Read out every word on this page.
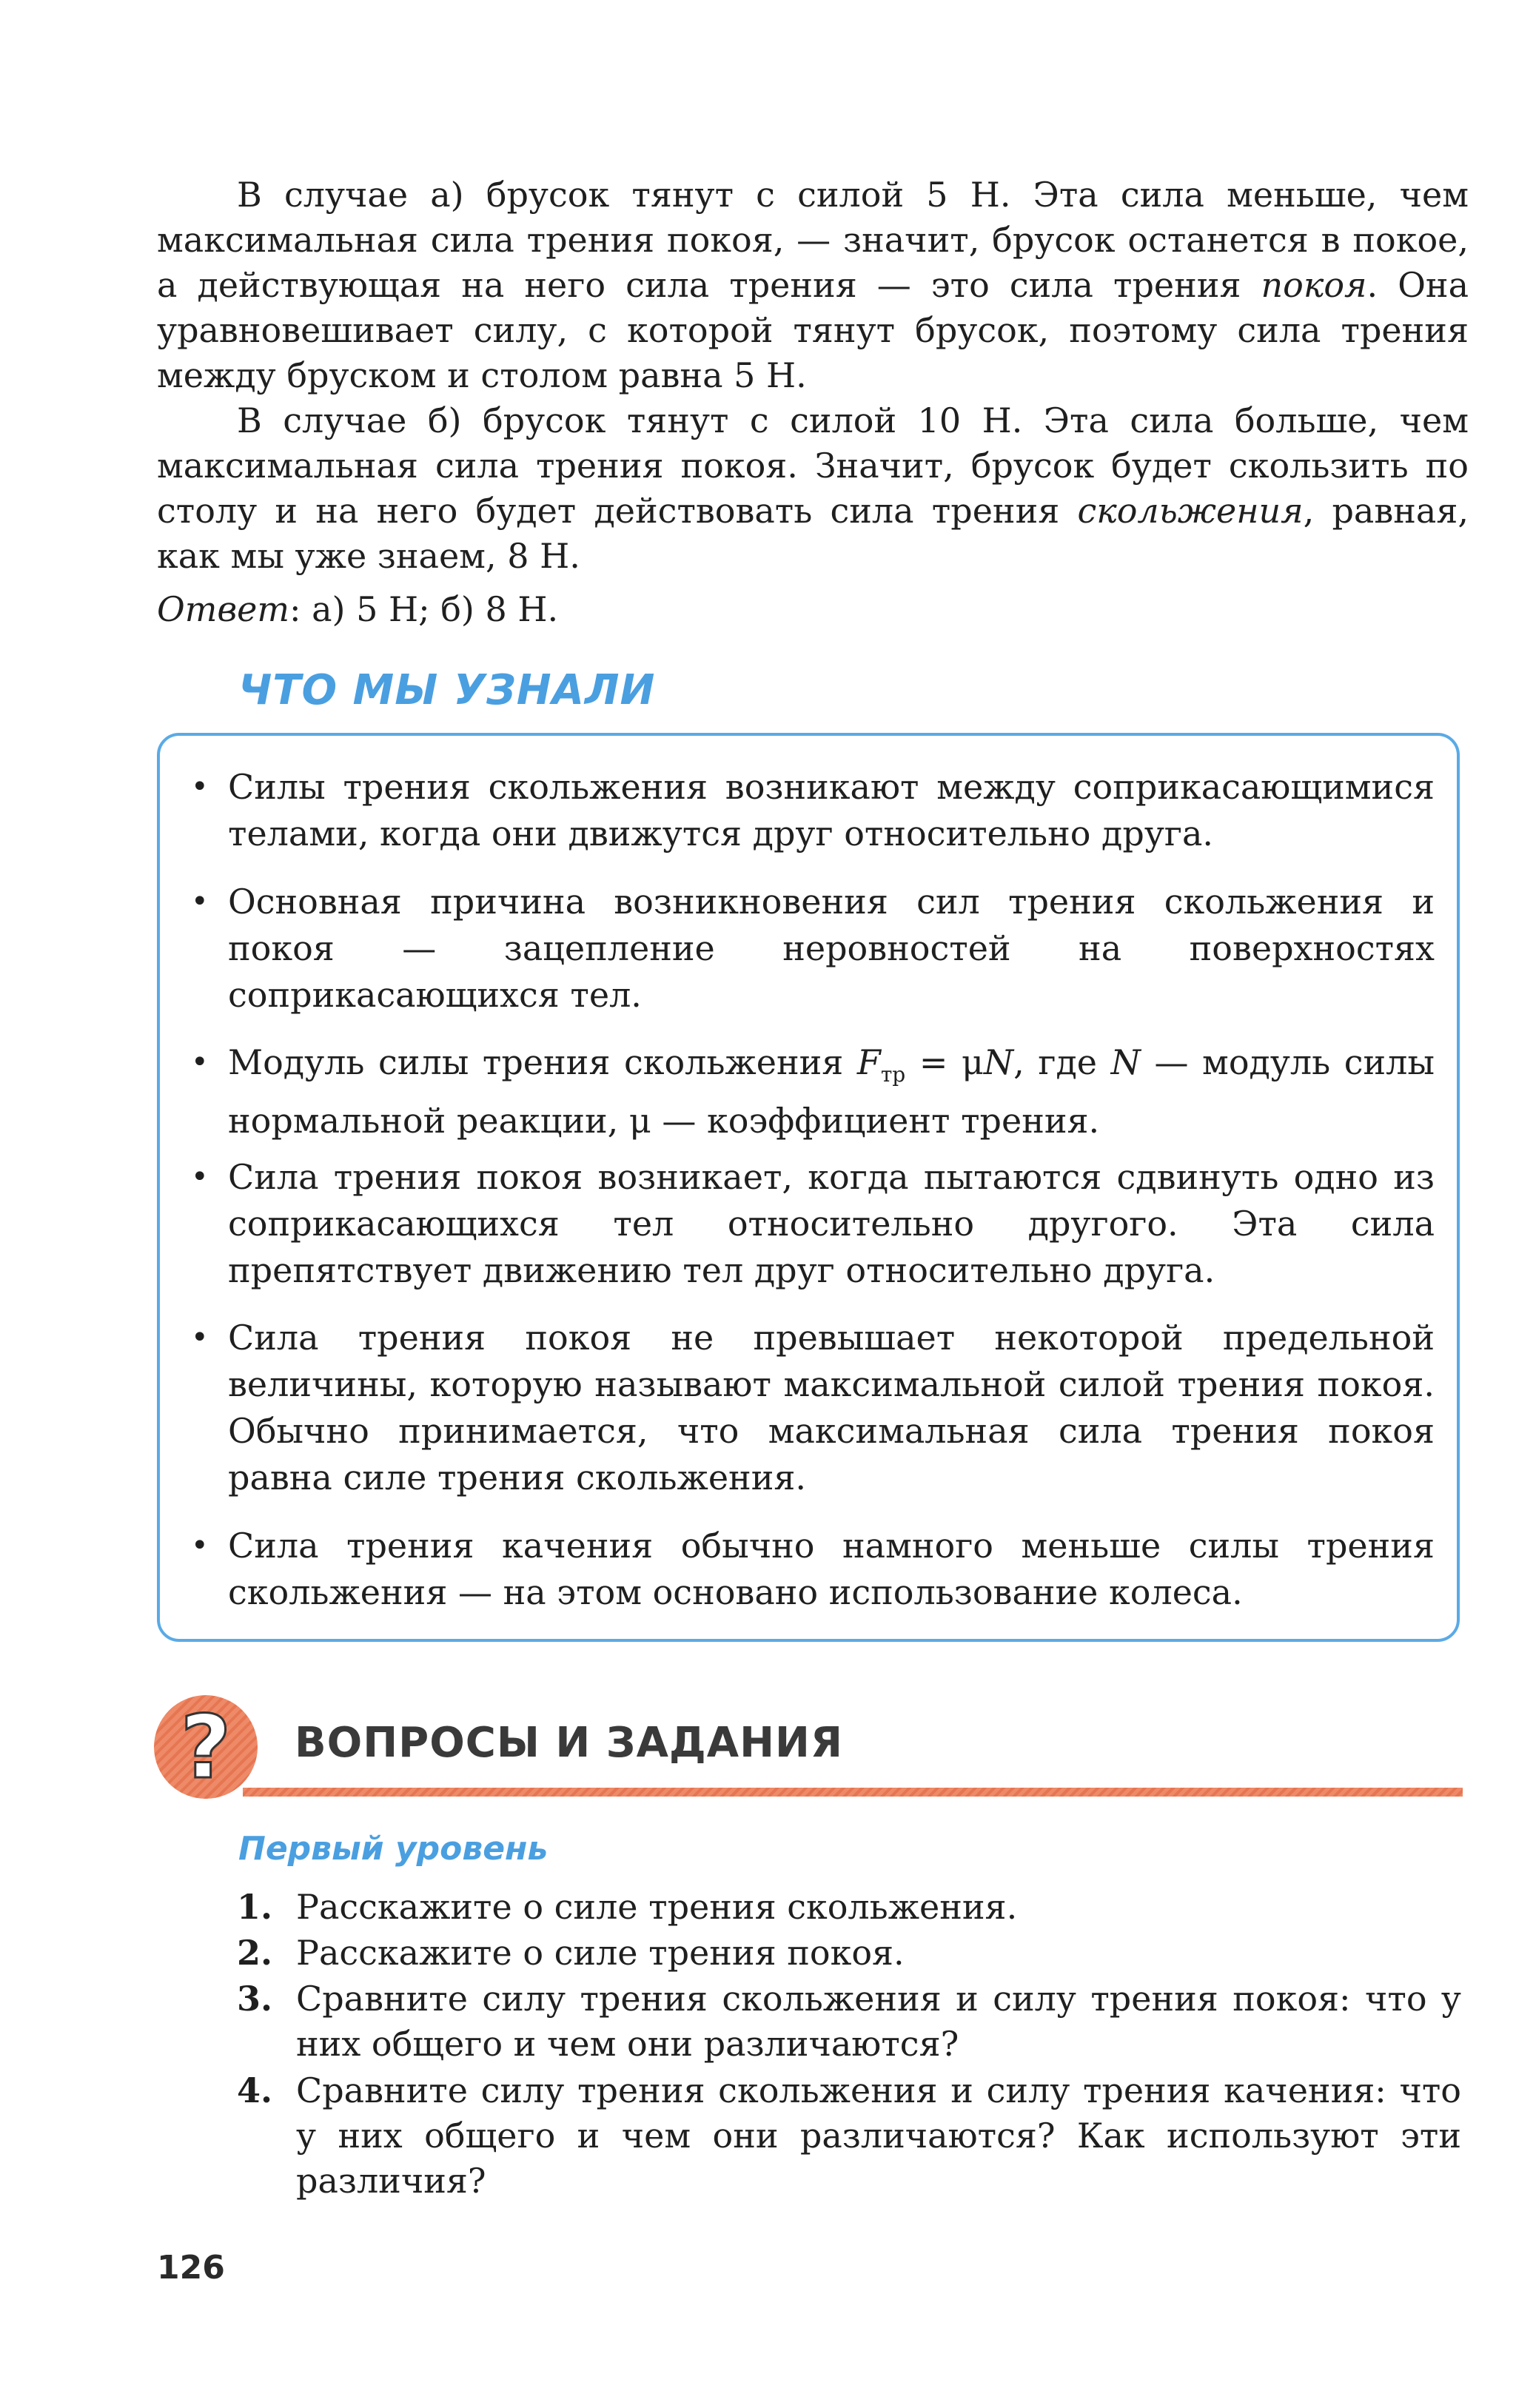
В случае а) брусок тянут с силой 5 Н. Эта сила меньше, чем максимальная сила трения покоя, — значит, брусок останется в покое, а действующая на него сила трения — это сила трения покоя. Она уравновешивает силу, с которой тянут брусок, поэтому сила трения между бруском и столом равна 5 Н.

В случае б) брусок тянут с силой 10 Н. Эта сила больше, чем максимальная сила трения покоя. Значит, брусок будет скользить по столу и на него будет действовать сила трения скольжения, равная, как мы уже знаем, 8 Н.

Ответ: а) 5 Н; б) 8 Н.

ЧТО МЫ УЗНАЛИ
• Силы трения скольжения возникают между соприкасающимися телами, когда они движутся друг относительно друга.
• Основная причина возникновения сил трения скольжения и покоя — зацепление неровностей на поверхностях соприкасающихся тел.
• Модуль силы трения скольжения $F_{тр} = \mu N$, где N — модуль силы нормальной реакции, μ — коэффициент трения.
• Сила трения покоя возникает, когда пытаются сдвинуть одно из соприкасающихся тел относительно другого. Эта сила препятствует движению тел друг относительно друга.
• Сила трения покоя не превышает некоторой предельной величины, которую называют максимальной силой трения покоя. Обычно принимается, что максимальная сила трения покоя равна силе трения скольжения.
• Сила трения качения обычно намного меньше силы трения скольжения — на этом основано использование колеса.
?	ВОПРОСЫ И ЗАДАНИЯ
Первый уровень
1. Расскажите о силе трения скольжения.
2. Расскажите о силе трения покоя.
3. Сравните силу трения скольжения и силу трения покоя: что у них общего и чем они различаются?
4. Сравните силу трения скольжения и силу трения качения: что у них общего и чем они различаются? Как используют эти различия?

126
